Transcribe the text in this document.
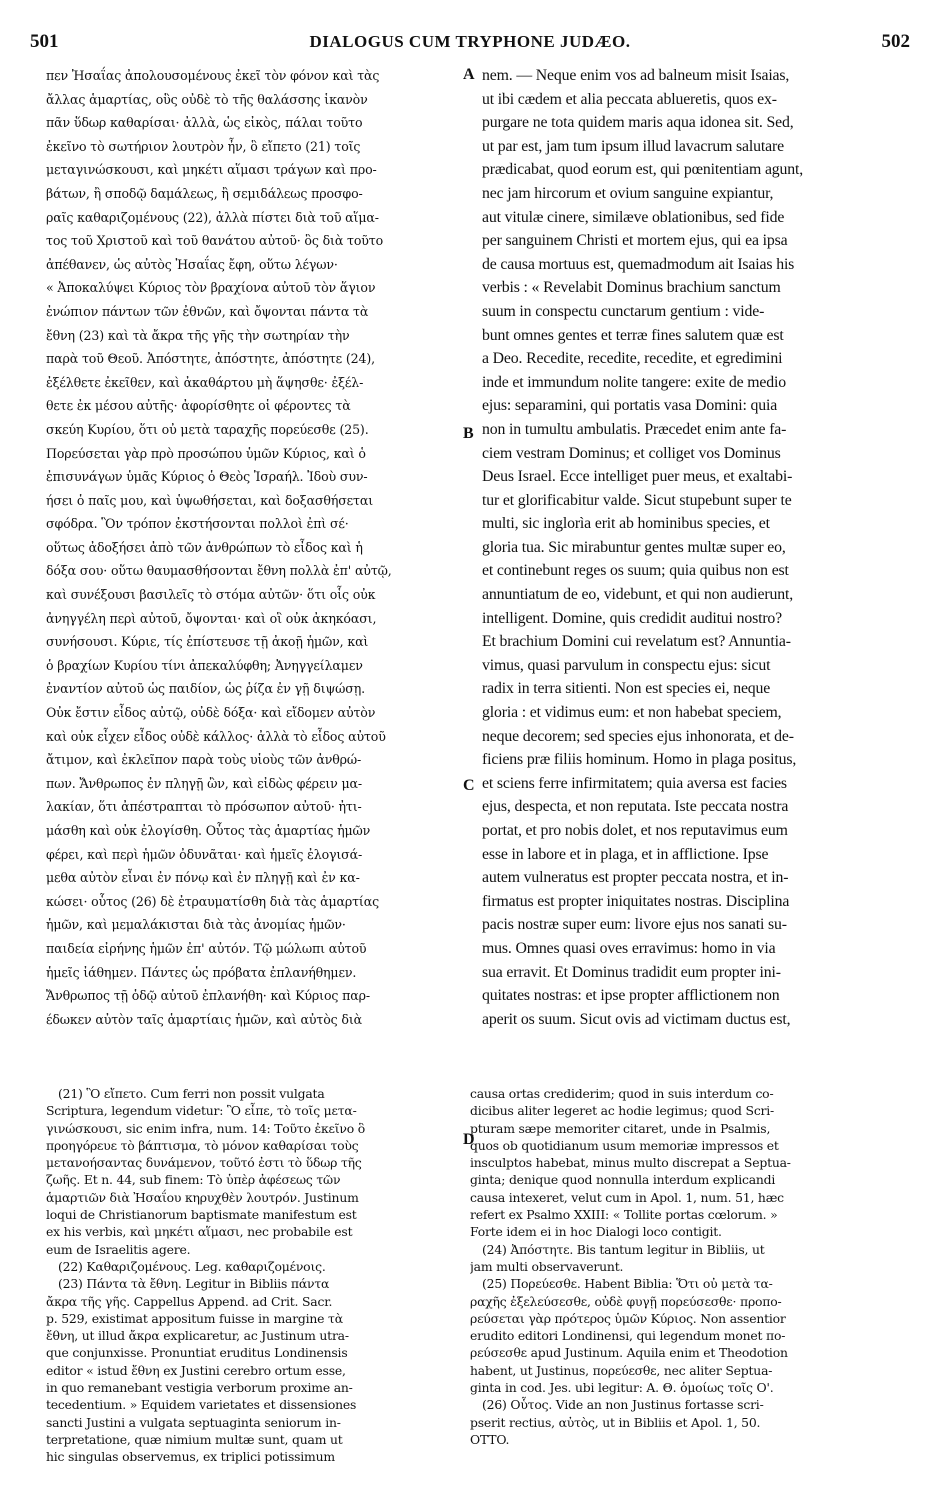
501	DIALOGUS CUM TRYPHONE JUDÆO.	502
πεν Ἠσαΐας ἀπολουσομένους ἐκεῖ τὸν φόνον καὶ τὰς
ἄλλας ἁμαρτίας, οὓς οὐδὲ τὸ τῆς θαλάσσης ἱκανὸν
πᾶν ὕδωρ καθαρίσαι· ἀλλὰ, ὡς εἰκὸς, πάλαι τοῦτο
ἐκεῖνο τὸ σωτήριον λουτρὸν ἦν, ὃ εἴπετο (21) τοῖς
μεταγινώσκουσι, καὶ μηκέτι αἵμασι τράγων καὶ προ-
βάτων, ἢ σποδῷ δαμάλεως, ἢ σεμιδάλεως προσφο-
ραῖς καθαριζομένους (22), ἀλλὰ πίστει διὰ τοῦ αἵμα-
τος τοῦ Χριστοῦ καὶ τοῦ θανάτου αὐτοῦ· ὃς διὰ τοῦτο
ἀπέθανεν, ὡς αὐτὸς Ἠσαΐας ἔφη, οὕτω λέγων·
« Ἀποκαλύψει Κύριος τὸν βραχίονα αὐτοῦ τὸν ἅγιον
ἐνώπιον πάντων τῶν ἐθνῶν, καὶ ὄψονται πάντα τὰ
ἔθνη (23) καὶ τὰ ἄκρα τῆς γῆς τὴν σωτηρίαν τὴν
παρὰ τοῦ Θεοῦ. Ἀπόστητε, ἀπόστητε, ἀπόστητε (24),
ἐξέλθετε ἐκεῖθεν, καὶ ἀκαθάρτου μὴ ἅψησθε· ἐξέλ-
θετε ἐκ μέσου αὐτῆς· ἀφορίσθητε οἱ φέροντες τὰ
σκεύη Κυρίου, ὅτι οὐ μετὰ ταραχῆς πορεύεσθε (25).
Πορεύσεται γὰρ πρὸ προσώπου ὑμῶν Κύριος, καὶ ὁ
ἐπισυνάγων ὑμᾶς Κύριος ὁ Θεὸς Ἰσραήλ. Ἰδοὺ συν-
ήσει ὁ παῖς μου, καὶ ὑψωθήσεται, καὶ δοξασθήσεται
σφόδρα. Ὃν τρόπον ἐκστήσονται πολλοὶ ἐπὶ σέ·
οὕτως ἀδοξήσει ἀπὸ τῶν ἀνθρώπων τὸ εἶδος καὶ ἡ
δόξα σου· οὕτω θαυμασθήσονται ἔθνη πολλὰ ἐπ' αὐτῷ,
καὶ συνέξουσι βασιλεῖς τὸ στόμα αὐτῶν· ὅτι οἷς οὐκ
ἀνηγγέλη περὶ αὐτοῦ, ὄψονται· καὶ οἳ οὐκ ἀκηκόασι,
συνήσουσι. Κύριε, τίς ἐπίστευσε τῇ ἀκοῇ ἡμῶν, καὶ
ὁ βραχίων Κυρίου τίνι ἀπεκαλύφθη; Ἀνηγγείλαμεν
ἐναντίον αὐτοῦ ὡς παιδίον, ὡς ῥίζα ἐν γῇ διψώσῃ.
Οὐκ ἔστιν εἶδος αὐτῷ, οὐδὲ δόξα· καὶ εἴδομεν αὐτὸν
καὶ οὐκ εἶχεν εἶδος οὐδὲ κάλλος· ἀλλὰ τὸ εἶδος αὐτοῦ
ἄτιμον, καὶ ἐκλεῖπον παρὰ τοὺς υἱοὺς τῶν ἀνθρώ-
πων. Ἄνθρωπος ἐν πληγῇ ὢν, καὶ εἰδὼς φέρειν μα-
λακίαν, ὅτι ἀπέστραπται τὸ πρόσωπον αὐτοῦ· ἠτι-
μάσθη καὶ οὐκ ἐλογίσθη. Οὗτος τὰς ἁμαρτίας ἡμῶν
φέρει, καὶ περὶ ἡμῶν ὀδυνᾶται· καὶ ἡμεῖς ἐλογισά-
μεθα αὐτὸν εἶναι ἐν πόνῳ καὶ ἐν πληγῇ καὶ ἐν κα-
κώσει· οὗτος (26) δὲ ἐτραυματίσθη διὰ τὰς ἁμαρτίας
ἡμῶν, καὶ μεμαλάκισται διὰ τὰς ἀνομίας ἡμῶν·
παιδεία εἰρήνης ἡμῶν ἐπ' αὐτόν. Τῷ μώλωπι αὐτοῦ
ἡμεῖς ἰάθημεν. Πάντες ὡς πρόβατα ἐπλανήθημεν.
Ἄνθρωπος τῇ ὁδῷ αὐτοῦ ἐπλανήθη· καὶ Κύριος παρ-
έδωκεν αὐτὸν ταῖς ἁμαρτίαις ἡμῶν, καὶ αὐτὸς διὰ
nem. — Neque enim vos ad balneum misit Isaias,
ut ibi cædem et alia peccata ablueretis, quos ex-
purgare ne tota quidem maris aqua idonea sit. Sed,
ut par est, jam tum ipsum illud lavacrum salutare
prædicabat, quod eorum est, qui pœnitentiam agunt,
nec jam hircorum et ovium sanguine expiantur,
aut vitulæ cinere, similæve oblationibus, sed fide
per sanguinem Christi et mortem ejus, qui ea ipsa
de causa mortuus est, quemadmodum ait Isaias his
verbis : « Revelabit Dominus brachium sanctum
suum in conspectu cunctarum gentium : vide-
bunt omnes gentes et terræ fines salutem quæ est
a Deo. Recedite, recedite, recedite, et egredimini
inde et immundum nolite tangere: exite de medio
ejus: separamini, qui portatis vasa Domini: quia
non in tumultu ambulatis. Præcedet enim ante fa-
ciem vestram Dominus; et colliget vos Dominus
Deus Israel. Ecce intelliget puer meus, et exaltabi-
tur et glorificabitur valde. Sicut stupebunt super te
multi, sic inglorìa erit ab hominibus species, et
gloria tua. Sic mirabuntur gentes multæ super eo,
et continebunt reges os suum; quia quibus non est
annuntiatum de eo, videbunt, et qui non audierunt,
intelligent. Domine, quis credidit auditui nostro?
Et brachium Domini cui revelatum est? Annuntia-
vimus, quasi parvulum in conspectu ejus: sicut
radix in terra sitienti. Non est species ei, neque
gloria : et vidimus eum: et non habebat speciem,
neque decorem; sed species ejus inhonorata, et de-
ficiens præ filiis hominum. Homo in plaga positus,
et sciens ferre infirmitatem; quia aversa est facies
ejus, despecta, et non reputata. Iste peccata nostra
portat, et pro nobis dolet, et nos reputavimus eum
esse in labore et in plaga, et in afflictione. Ipse
autem vulneratus est propter peccata nostra, et in-
firmatus est propter iniquitates nostras. Disciplina
pacis nostræ super eum: livore ejus nos sanati su-
mus. Omnes quasi oves erravimus: homo in via
sua erravit. Et Dominus tradidit eum propter ini-
quitates nostras: et ipse propter afflictionem non
aperit os suum. Sicut ovis ad victimam ductus est,
A
B
C
D
(21) Ὃ εἴπετο. Cum ferri non possit vulgata
Scriptura, legendum videtur: Ὃ εἶπε, τὸ τοῖς μετα-
γινώσκουσι, sic enim infra, num. 14: Τοῦτο ἐκεῖνο ὃ
προηγόρευε τὸ βάπτισμα, τὸ μόνον καθαρίσαι τοὺς
μετανοήσαντας δυνάμενον, τοῦτό ἐστι τὸ ὕδωρ τῆς
ζωῆς. Et n. 44, sub finem: Τὸ ὑπὲρ ἀφέσεως τῶν
ἁμαρτιῶν διὰ Ἠσαΐου κηρυχθὲν λουτρόν. Justinum
loqui de Christianorum baptismate manifestum est
ex his verbis, καὶ μηκέτι αἵμασι, nec probabile est
eum de Israelitis agere.
(22) Καθαριζομένους. Leg. καθαριζομένοις.
(23) Πάντα τὰ ἔθνη. Legitur in Bibliis πάντα
ἄκρα τῆς γῆς. Cappellus Append. ad Crit. Sacr.
p. 529, existimat appositum fuisse in margine τὰ
ἔθνη, ut illud ἄκρα explicaretur, ac Justinum utra-
que conjunxisse. Pronuntiat eruditus Londinensis
editor « istud ἔθνη ex Justini cerebro ortum esse,
in quo remanebant vestigia verborum proxime an-
tecedentium. » Equidem varietates et dissensiones
sancti Justini a vulgata septuaginta seniorum in-
terpretatione, quæ nimium multæ sunt, quam ut
hic singulas observemus, ex triplici potissimum
causa ortas crediderim; quod in suis interdum co-
dicibus aliter legeret ac hodie legimus; quod Scri-
pturam sæpe memoriter citaret, unde in Psalmis,
quos ob quotidianum usum memoriæ impressos et
insculptos habebat, minus multo discrepat a Septua-
ginta; denique quod nonnulla interdum explicandi
causa intexeret, velut cum in Apol. 1, num. 51, hæc
refert ex Psalmo XXIII: « Tollite portas cœlorum. »
Forte idem ei in hoc Dialogi loco contigit.
(24) Ἀπόστητε. Bis tantum legitur in Bibliis, ut
jam multi observaverunt.
(25) Πορεύεσθε. Habent Biblia: Ὅτι οὐ μετὰ τα-
ραχῆς ἐξελεύσεσθε, οὐδὲ φυγῇ πορεύσεσθε· προπο-
ρεύσεται γὰρ πρότερος ὑμῶν Κύριος. Non assentior
erudito editori Londinensi, qui legendum monet πο-
ρεύσεσθε apud Justinum. Aquila enim et Theodotion
habent, ut Justinus, πορεύεσθε, nec aliter Septua-
ginta in cod. Jes. ubi legitur: Α. Θ. ὁμοίως τοῖς Ο'.
(26) Οὗτος. Vide an non Justinus fortasse scri-
pserit rectius, αὐτὸς, ut in Bibliis et Apol. 1, 50.
OTTO.
